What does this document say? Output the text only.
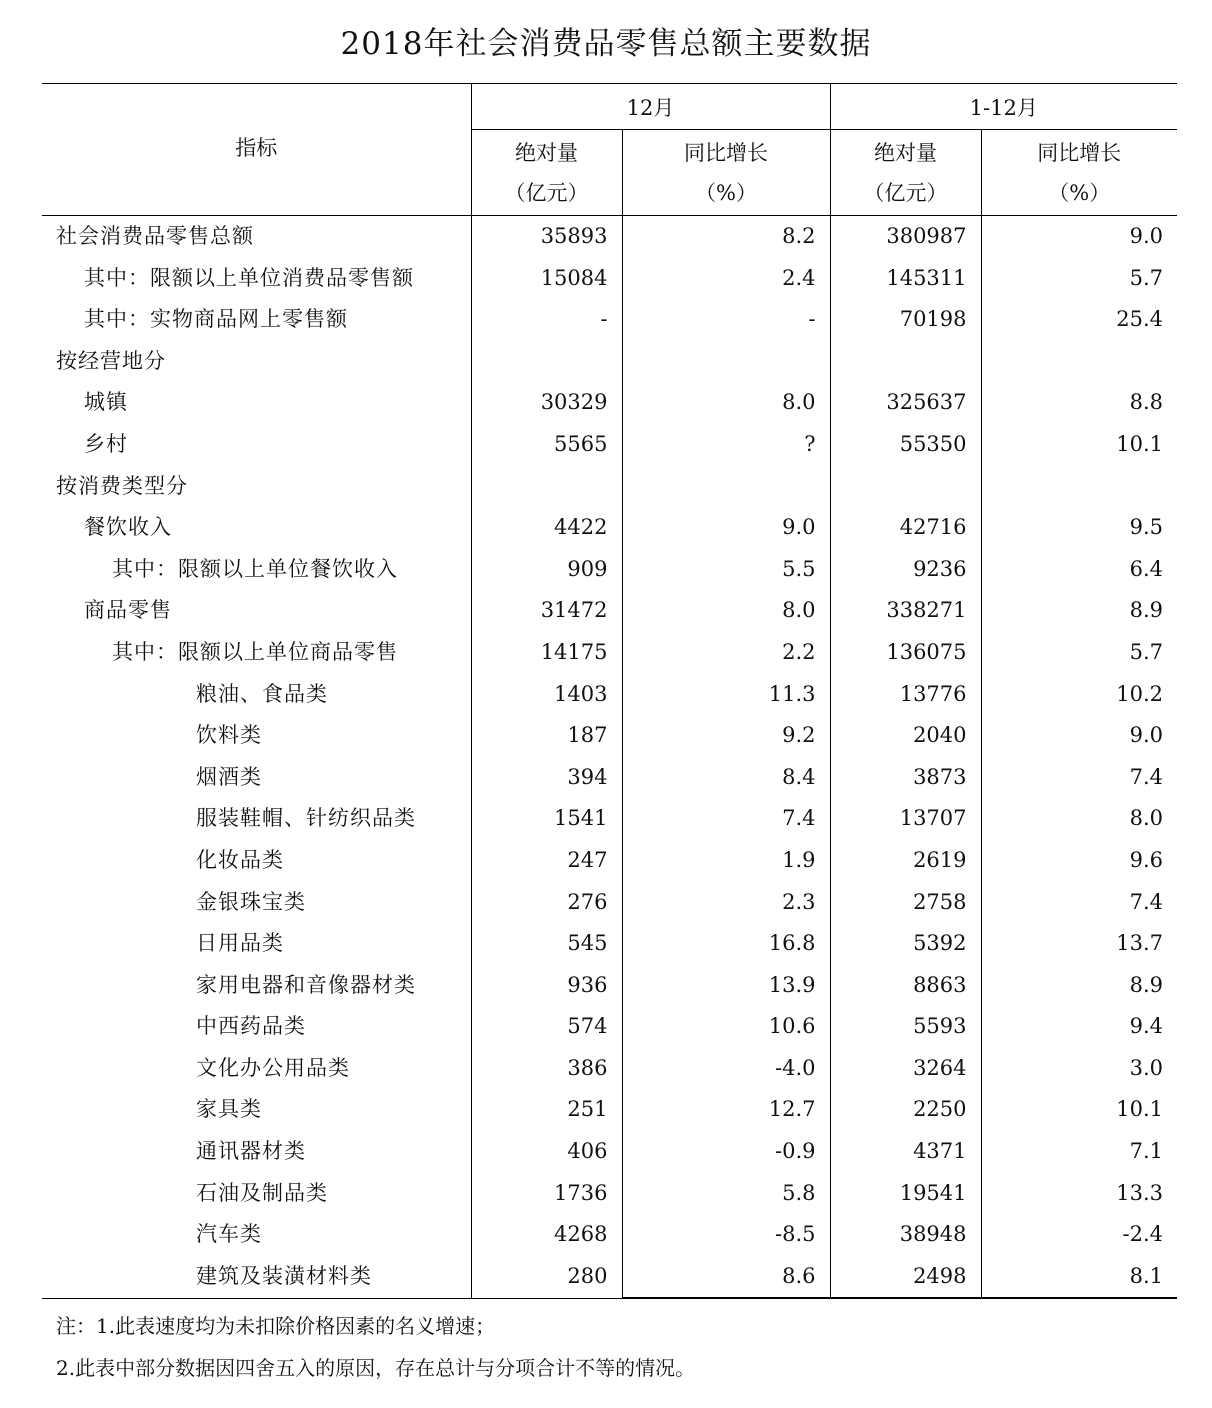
2018年社会消费品零售总额主要数据
指标	12月		1-12月	

绝对量
（亿元）

同比增长
（%）

绝对量
（亿元）

同比增长
（%）

社会消费品零售总额	35893	8.2	380987	9.0
其中：限额以上单位消费品零售额	15084	2.4	145311	5.7
其中：实物商品网上零售额	-	-	70198	25.4
按经营地分				
城镇	30329	8.0	325637	8.8
乡村	5565	?	55350	10.1
按消费类型分				
餐饮收入	4422	9.0	42716	9.5
其中：限额以上单位餐饮收入	909	5.5	9236	6.4
商品零售	31472	8.0	338271	8.9
其中：限额以上单位商品零售	14175	2.2	136075	5.7
粮油、食品类	1403	11.3	13776	10.2
饮料类	187	9.2	2040	9.0
烟酒类	394	8.4	3873	7.4
服装鞋帽、针纺织品类	1541	7.4	13707	8.0
化妆品类	247	1.9	2619	9.6
金银珠宝类	276	2.3	2758	7.4
日用品类	545	16.8	5392	13.7
家用电器和音像器材类	936	13.9	8863	8.9
中西药品类	574	10.6	5593	9.4
文化办公用品类	386	-4.0	3264	3.0
家具类	251	12.7	2250	10.1
通讯器材类	406	-0.9	4371	7.1
石油及制品类	1736	5.8	19541	13.3
汽车类	4268	-8.5	38948	-2.4
建筑及装潢材料类	280	8.6	2498	8.1
注：1.此表速度均为未扣除价格因素的名义增速；
2.此表中部分数据因四舍五入的原因，存在总计与分项合计不等的情况。
